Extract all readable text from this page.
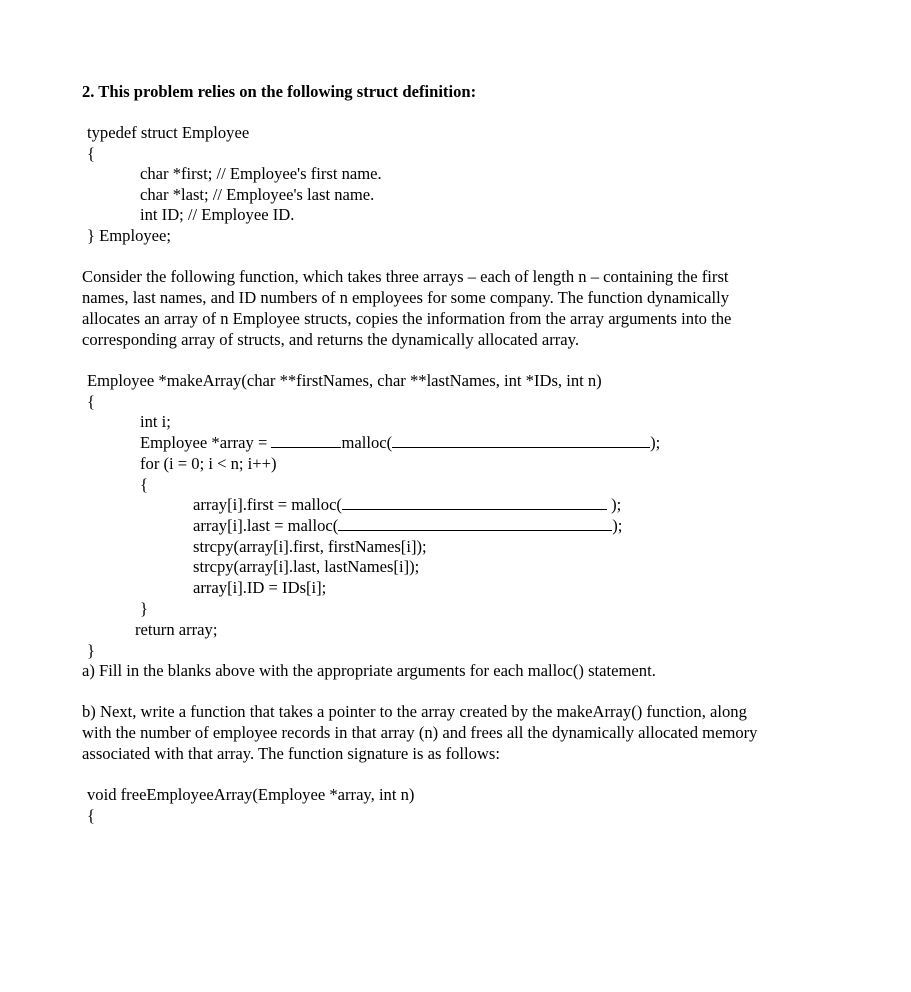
2. This problem relies on the following struct definition:
typedef struct Employee
{
char *first; // Employee's first name.
char *last; // Employee's last name.
int ID; // Employee ID.
} Employee;
Consider the following function, which takes three arrays – each of length n – containing the first
names, last names, and ID numbers of n employees for some company. The function dynamically
allocates an array of n Employee structs, copies the information from the array arguments into the
corresponding array of structs, and returns the dynamically allocated array.
Employee *makeArray(char **firstNames, char **lastNames, int *IDs, int n)
{
int i;
Employee *array =	malloc(	);
for (i = 0; i < n; i++)
{
array[i].first = malloc(	);
array[i].last = malloc(	);
strcpy(array[i].first, firstNames[i]);
strcpy(array[i].last, lastNames[i]);
array[i].ID = IDs[i];
}
return array;
}
a) Fill in the blanks above with the appropriate arguments for each malloc() statement.
b) Next, write a function that takes a pointer to the array created by the makeArray() function, along
with the number of employee records in that array (n) and frees all the dynamically allocated memory
associated with that array. The function signature is as follows:
void freeEmployeeArray(Employee *array, int n)
{
